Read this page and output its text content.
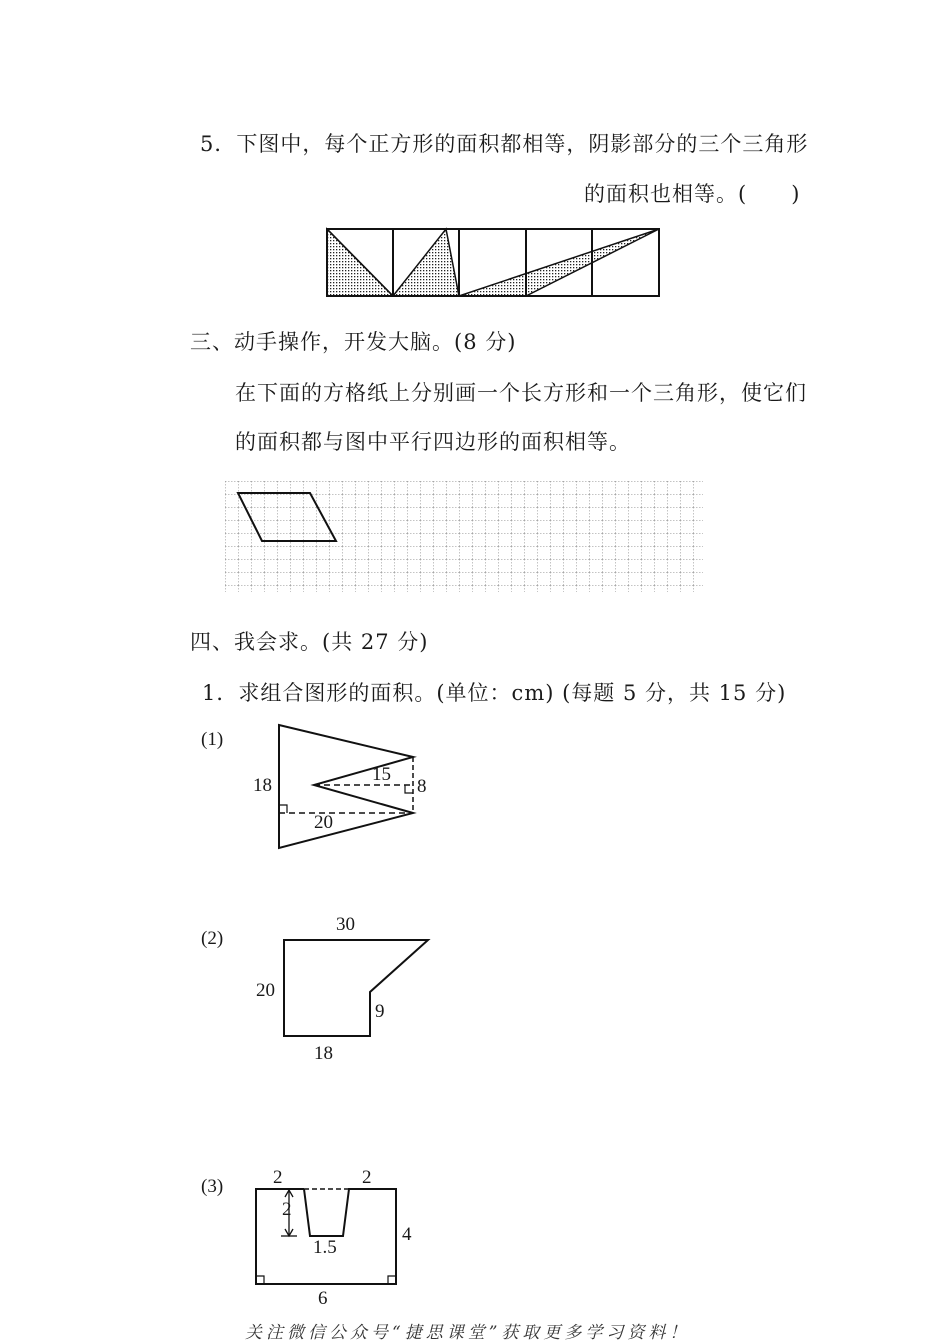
5．下图中，每个正方形的面积都相等，阴影部分的三个三角形
的面积也相等。(　　)
三、动手操作，开发大脑。(8 分)
在下面的方格纸上分别画一个长方形和一个三角形，使它们
的面积都与图中平行四边形的面积相等。
四、我会求。(共 27 分)
1．求组合图形的面积。(单位：cm) (每题 5 分，共 15 分)
(1)
18
15
8
20
(2)
30
20
9
18
(3)	2	2
2
1.5
4
6
关注微信公众号“捷思课堂”获取更多学习资料！
